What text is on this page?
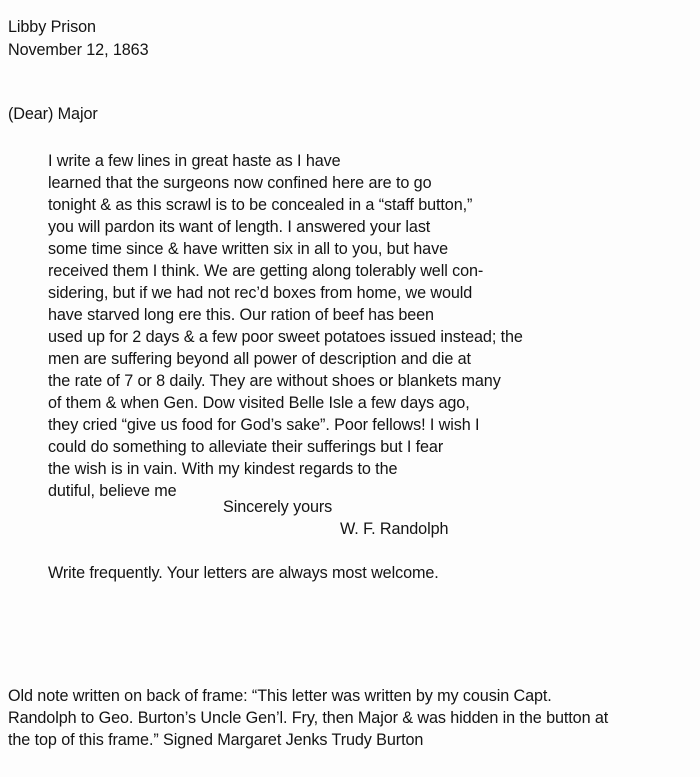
Libby Prison
November 12, 1863
(Dear) Major
I write a few lines in great haste as I have
learned that the surgeons now confined here are to go
tonight & as this scrawl is to be concealed in a “staff button,”
you will pardon its want of length. I answered your last
some time since & have written six in all to you, but have
received them I think. We are getting along tolerably well con-
sidering, but if we had not rec’d boxes from home, we would
have starved long ere this. Our ration of beef has been
used up for 2 days & a few poor sweet potatoes issued instead; the
men are suffering beyond all power of description and die at
the rate of 7 or 8 daily. They are without shoes or blankets many
of them & when Gen. Dow visited Belle Isle a few days ago,
they cried “give us food for God’s sake”. Poor fellows! I wish I
could do something to alleviate their sufferings but I fear
the wish is in vain. With my kindest regards to the
dutiful, believe me
Sincerely yours
W. F. Randolph
Write frequently. Your letters are always most welcome.
Old note written on back of frame: “This letter was written by my cousin Capt.
Randolph to Geo. Burton’s Uncle Gen’l. Fry, then Major & was hidden in the button at
the top of this frame.” Signed Margaret Jenks Trudy Burton
